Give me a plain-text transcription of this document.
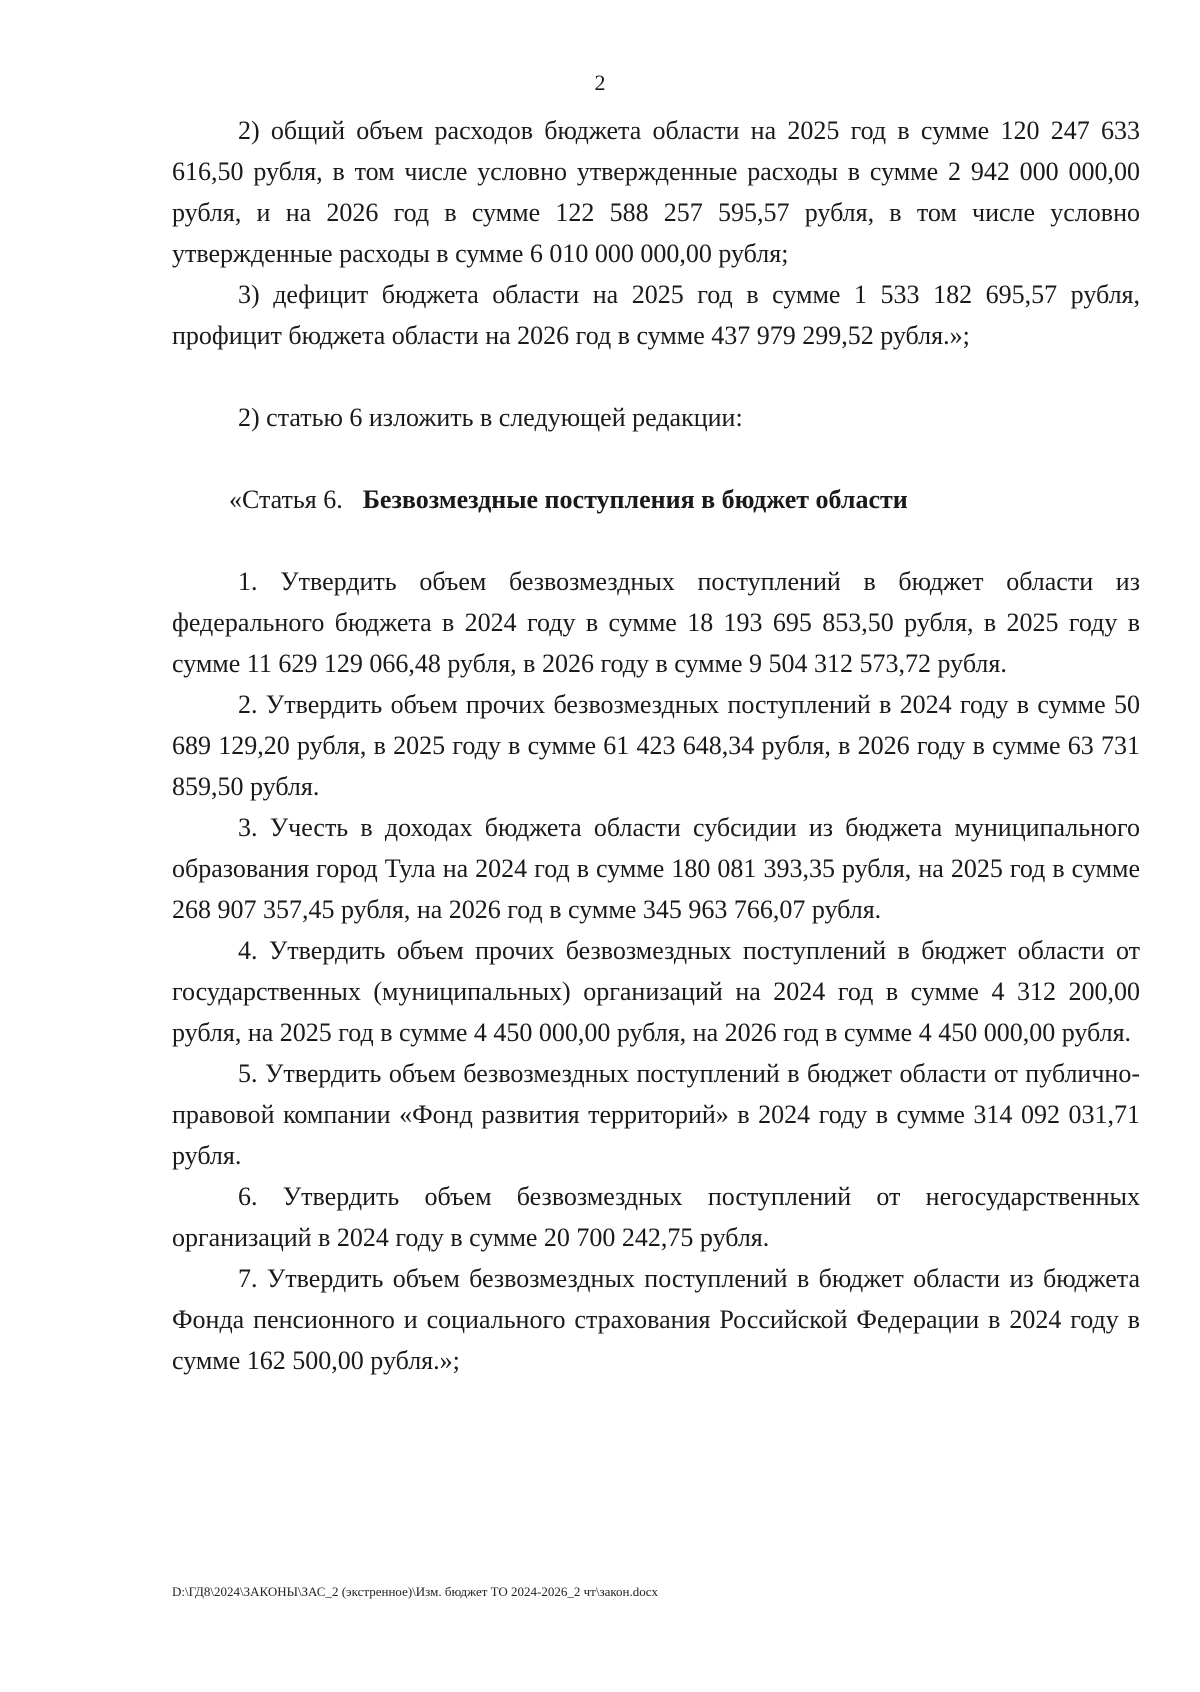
2

2) общий объем расходов бюджета области на 2025 год в сумме 120 247 633 616,50 рубля, в том числе условно утвержденные расходы в сумме 2 942 000 000,00 рубля, и на 2026 год в сумме 122 588 257 595,57 рубля, в том числе условно утвержденные расходы в сумме 6 010 000 000,00 рубля;

3) дефицит бюджета области на 2025 год в сумме 1 533 182 695,57 рубля, профицит бюджета области на 2026 год в сумме 437 979 299,52 рубля.»;

2) статью 6 изложить в следующей редакции:

«Статья 6. Безвозмездные поступления в бюджет области

1. Утвердить объем безвозмездных поступлений в бюджет области из федерального бюджета в 2024 году в сумме 18 193 695 853,50 рубля, в 2025 году в сумме 11 629 129 066,48 рубля, в 2026 году в сумме 9 504 312 573,72 рубля.

2. Утвердить объем прочих безвозмездных поступлений в 2024 году в сумме 50 689 129,20 рубля, в 2025 году в сумме 61 423 648,34 рубля, в 2026 году в сумме 63 731 859,50 рубля.

3. Учесть в доходах бюджета области субсидии из бюджета муниципального образования город Тула на 2024 год в сумме 180 081 393,35 рубля, на 2025 год в сумме 268 907 357,45 рубля, на 2026 год в сумме 345 963 766,07 рубля.

4. Утвердить объем прочих безвозмездных поступлений в бюджет области от государственных (муниципальных) организаций на 2024 год в сумме 4 312 200,00 рубля, на 2025 год в сумме 4 450 000,00 рубля, на 2026 год в сумме 4 450 000,00 рубля.

5. Утвердить объем безвозмездных поступлений в бюджет области от публично-правовой компании «Фонд развития территорий» в 2024 году в сумме 314 092 031,71 рубля.

6. Утвердить объем безвозмездных поступлений от негосударственных организаций в 2024 году в сумме 20 700 242,75 рубля.

7. Утвердить объем безвозмездных поступлений в бюджет области из бюджета Фонда пенсионного и социального страхования Российской Федерации в 2024 году в сумме 162 500,00 рубля.»;

D:\ГД8\2024\ЗАКОНЫ\ЗАС_2 (экстренное)\Изм. бюджет ТО 2024-2026_2 чт\закон.docx
